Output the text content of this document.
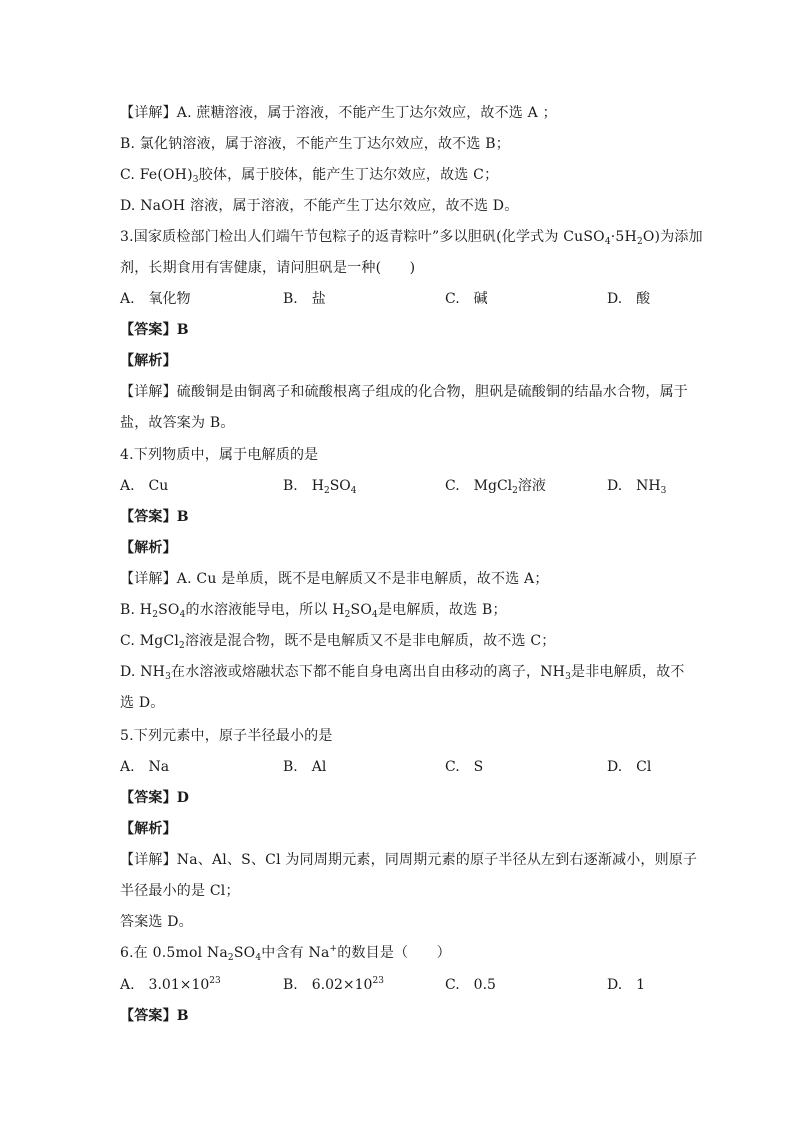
【详解】A. 蔗糖溶液，属于溶液，不能产生丁达尔效应，故不选 A ；
B. 氯化钠溶液，属于溶液，不能产生丁达尔效应，故不选 B；
C. $Fe(OH)_3$胶体，属于胶体，能产生丁达尔效应，故选 C；
D. NaOH 溶液，属于溶液，不能产生丁达尔效应，故不选 D。
3.国家质检部门检出人们端午节包粽子的返青粽叶”多以胆矾(化学式为 $CuSO_4\cdot 5H_2O$)为添加
剂，长期食用有害健康，请问胆矾是一种(　　)
A.　氧化物	B.　盐	C.　碱	D.　酸
【答案】B
【解析】
【详解】硫酸铜是由铜离子和硫酸根离子组成的化合物，胆矾是硫酸铜的结晶水合物，属于
盐，故答案为 B。
4.下列物质中，属于电解质的是
A.　Cu	B.　$H_2SO_4$	C.　MgCl$_2$溶液	D.　$NH_3$
【答案】B
【解析】
【详解】A. Cu 是单质，既不是电解质又不是非电解质，故不选 A；
B. $H_2SO_4$的水溶液能导电，所以 $H_2SO_4$是电解质，故选 B；
C. MgCl$_2$溶液是混合物，既不是电解质又不是非电解质，故不选 C；
D. $NH_3$在水溶液或熔融状态下都不能自身电离出自由移动的离子，$NH_3$是非电解质，故不
选 D。
5.下列元素中，原子半径最小的是
A.　Na	B.　Al	C.　S	D.　Cl
【答案】D
【解析】
【详解】Na、Al、S、Cl 为同周期元素，同周期元素的原子半径从左到右逐渐减小，则原子
半径最小的是 Cl；
答案选 D。
6.在 0.5mol $Na_2SO_4$中含有 Na+的数目是（　　）
A.　$3.01\times 10^{23}$	B.　$6.02\times 10^{23}$	C.　0.5	D.　1
【答案】B
